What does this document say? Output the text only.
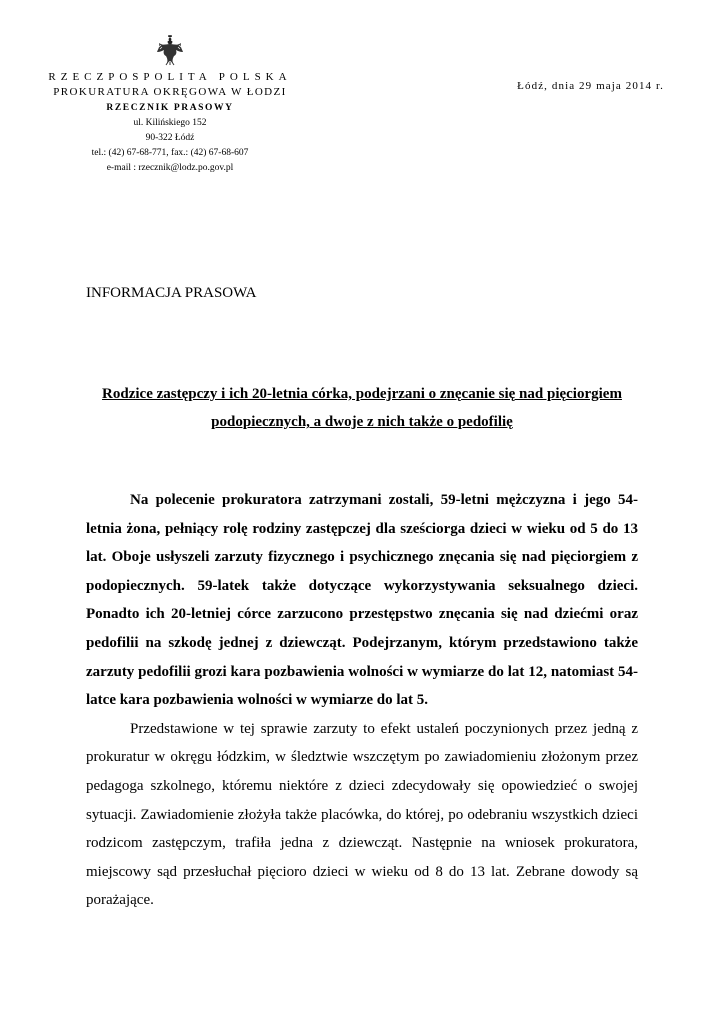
RZECZPOSPOLITA POLSKA
PROKURATURA OKRĘGOWA W ŁODZI
RZECZNIK PRASOWY
ul. Kilińskiego 152
90-322 Łódź
tel.: (42) 67-68-771, fax.: (42) 67-68-607
e-mail : rzecznik@lodz.po.gov.pl
Łódź, dnia 29 maja 2014 r.
INFORMACJA PRASOWA
Rodzice zastępczy i ich 20-letnia córka, podejrzani o znęcanie się nad pięciorgiem podopiecznych, a dwoje z nich także o pedofilię

Na polecenie prokuratora zatrzymani zostali, 59-letni mężczyzna i jego 54-letnia żona, pełniący rolę rodziny zastępczej dla sześciorga dzieci w wieku od 5 do 13 lat. Oboje usłyszeli zarzuty fizycznego i psychicznego znęcania się nad pięciorgiem z podopiecznych. 59-latek także dotyczące wykorzystywania seksualnego dzieci. Ponadto ich 20-letniej córce zarzucono przestępstwo znęcania się nad dziećmi oraz pedofilii na szkodę jednej z dziewcząt. Podejrzanym, którym przedstawiono także zarzuty pedofilii grozi kara pozbawienia wolności w wymiarze do lat 12, natomiast 54-latce kara pozbawienia wolności w wymiarze do lat 5.

Przedstawione w tej sprawie zarzuty to efekt ustaleń poczynionych przez jedną z prokuratur w okręgu łódzkim, w śledztwie wszczętym po zawiadomieniu złożonym przez pedagoga szkolnego, któremu niektóre z dzieci zdecydowały się opowiedzieć o swojej sytuacji. Zawiadomienie złożyła także placówka, do której, po odebraniu wszystkich dzieci rodzicom zastępczym, trafiła jedna z dziewcząt. Następnie na wniosek prokuratora, miejscowy sąd przesłuchał pięcioro dzieci w wieku od 8 do 13 lat. Zebrane dowody są porażające.
